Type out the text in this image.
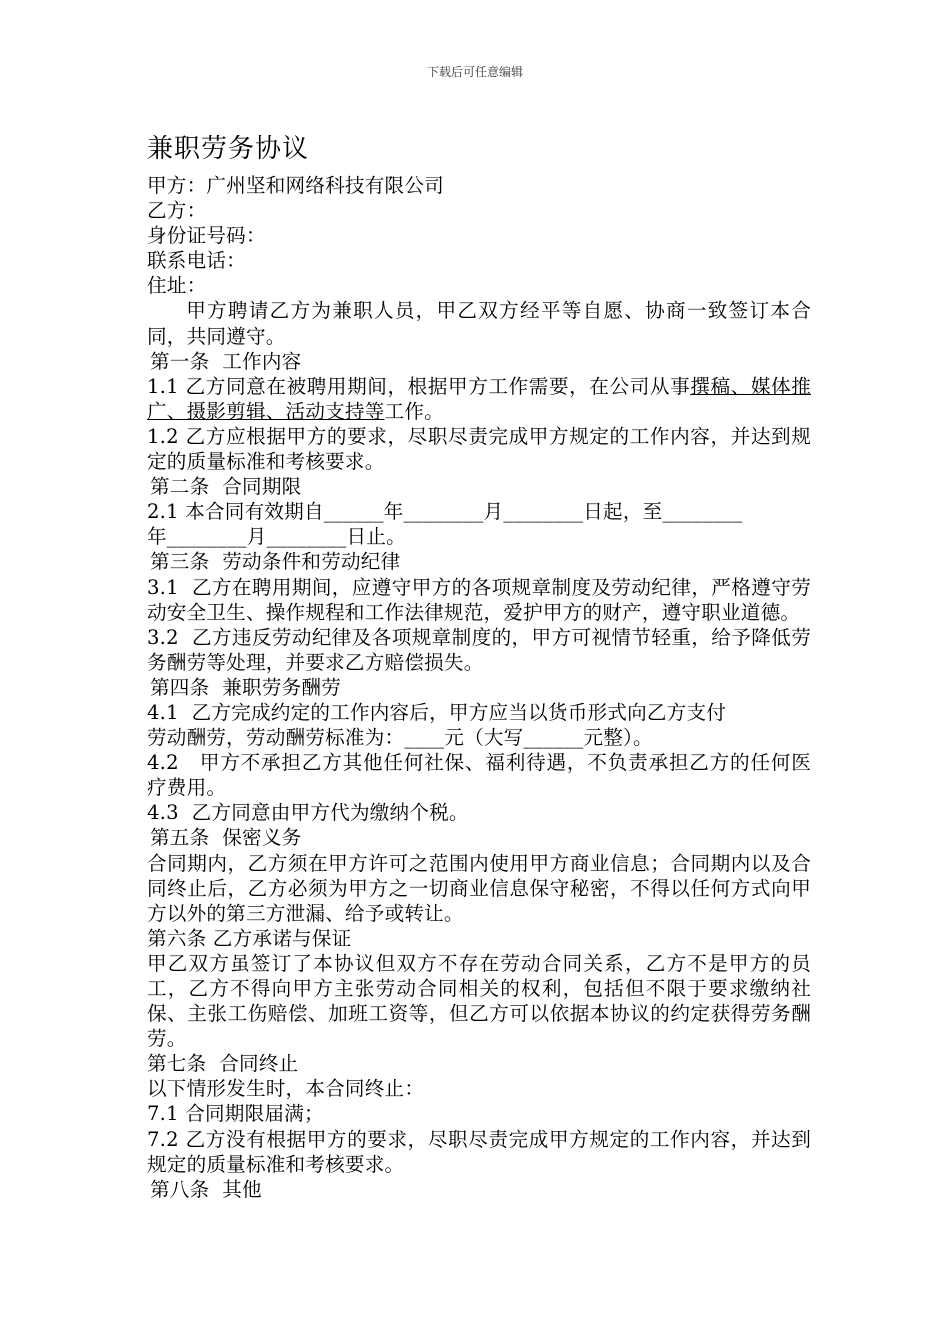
下载后可任意编辑
兼职劳务协议
甲方：广州坚和网络科技有限公司
乙方：
身份证号码：
联系电话：
住址：
甲方聘请乙方为兼职人员，甲乙双方经平等自愿、协商一致签订本合同，共同遵守。
第一条  工作内容
1.1 乙方同意在被聘用期间，根据甲方工作需要，在公司从事撰稿、媒体推广、摄影剪辑、活动支持等工作。
1.2 乙方应根据甲方的要求，尽职尽责完成甲方规定的工作内容，并达到规定的质量标准和考核要求。
第二条  合同期限
2.1 本合同有效期自______年________月________日起，至________
年________月________日止。
第三条  劳动条件和劳动纪律
3.1  乙方在聘用期间，应遵守甲方的各项规章制度及劳动纪律，严格遵守劳动安全卫生、操作规程和工作法律规范，爱护甲方的财产，遵守职业道德。
3.2  乙方违反劳动纪律及各项规章制度的，甲方可视情节轻重，给予降低劳务酬劳等处理，并要求乙方赔偿损失。
第四条  兼职劳务酬劳
4.1  乙方完成约定的工作内容后，甲方应当以货币形式向乙方支付
劳动酬劳，劳动酬劳标准为：____元（大写______元整）。
4.2   甲方不承担乙方其他任何社保、福利待遇，不负责承担乙方的任何医疗费用。
4.3  乙方同意由甲方代为缴纳个税。
第五条  保密义务
合同期内，乙方须在甲方许可之范围内使用甲方商业信息；合同期内以及合同终止后，乙方必须为甲方之一切商业信息保守秘密，不得以任何方式向甲方以外的第三方泄漏、给予或转让。
第六条 乙方承诺与保证
甲乙双方虽签订了本协议但双方不存在劳动合同关系，乙方不是甲方的员工，乙方不得向甲方主张劳动合同相关的权利，包括但不限于要求缴纳社保、主张工伤赔偿、加班工资等，但乙方可以依据本协议的约定获得劳务酬劳。
第七条  合同终止
以下情形发生时，本合同终止：
7.1 合同期限届满；
7.2 乙方没有根据甲方的要求，尽职尽责完成甲方规定的工作内容，并达到规定的质量标准和考核要求。
第八条  其他
